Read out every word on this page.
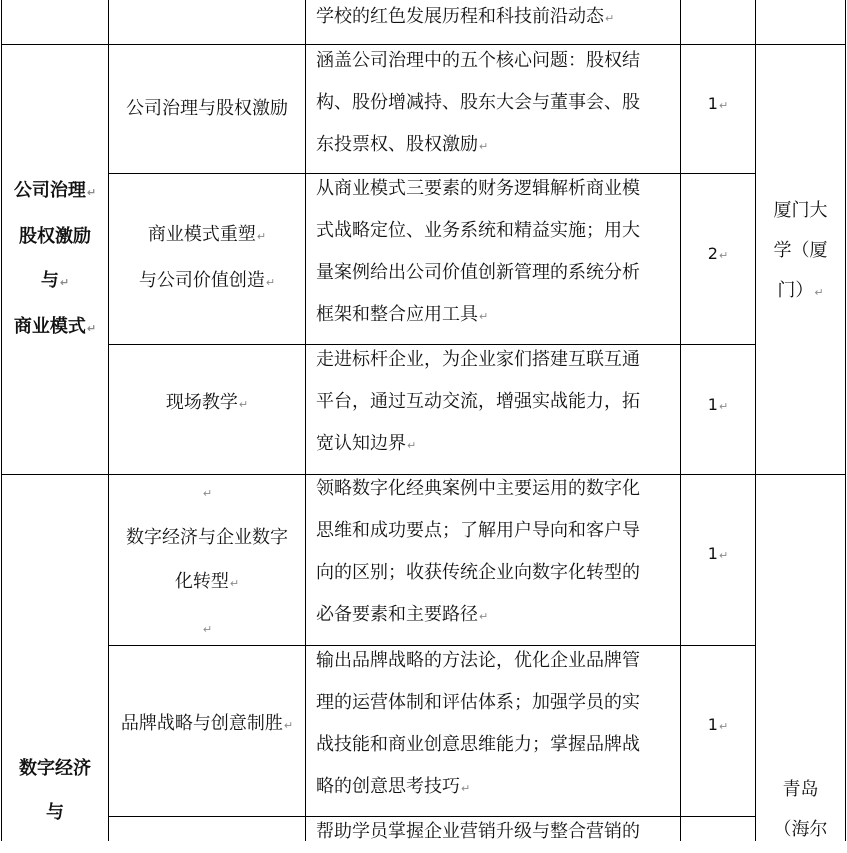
学校的红色发展历程和科技前沿动态↵
公司治理↵
股权激励
与↵
商业模式↵
公司治理与股权激励
涵盖公司治理中的五个核心问题：股权结
构、股份增减持、股东大会与董事会、股
东投票权、股权激励↵
1↵
商业模式重塑↵
与公司价值创造↵
从商业模式三要素的财务逻辑解析商业模
式战略定位、业务系统和精益实施；用大
量案例给出公司价值创新管理的系统分析
框架和整合应用工具↵
2↵
厦门大
学（厦
门）↵
现场教学↵
走进标杆企业，为企业家们搭建互联互通
平台，通过互动交流，增强实战能力，拓
宽认知边界↵
1↵
数字经济
与
↵
数字经济与企业数字
化转型↵
↵
领略数字化经典案例中主要运用的数字化
思维和成功要点；了解用户导向和客户导
向的区别；收获传统企业向数字化转型的
必备要素和主要路径↵
1↵
品牌战略与创意制胜↵
输出品牌战略的方法论，优化企业品牌管
理的运营体制和评估体系；加强学员的实
战技能和商业创意思维能力；掌握品牌战
略的创意思考技巧↵
1↵
青岛
（海尔
帮助学员掌握企业营销升级与整合营销的
